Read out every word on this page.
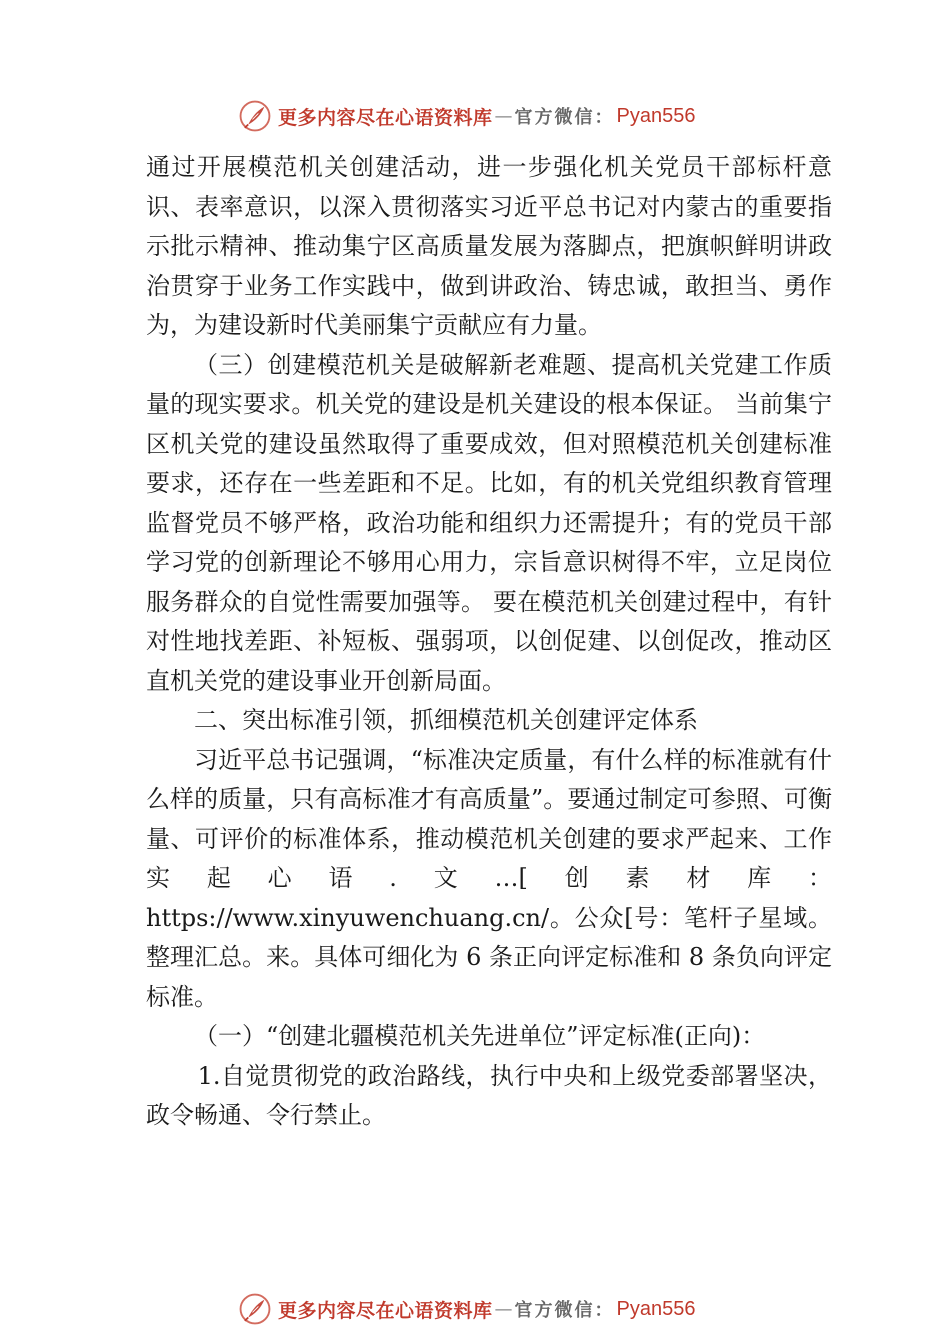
更多内容尽在心语资料库 — 官方微信： Pyan556

通过开展模范机关创建活动，进一步强化机关党员干部标杆意识、表率意识，以深入贯彻落实习近平总书记对内蒙古的重要指示批示精神、推动集宁区高质量发展为落脚点，把旗帜鲜明讲政治贯穿于业务工作实践中，做到讲政治、铸忠诚，敢担当、勇作为，为建设新时代美丽集宁贡献应有力量。

（三）创建模范机关是破解新老难题、提高机关党建工作质量的现实要求。机关党的建设是机关建设的根本保证。 当前集宁区机关党的建设虽然取得了重要成效，但对照模范机关创建标准要求，还存在一些差距和不足。比如，有的机关党组织教育管理监督党员不够严格，政治功能和组织力还需提升；有的党员干部学习党的创新理论不够用心用力，宗旨意识树得不牢，立足岗位服务群众的自觉性需要加强等。 要在模范机关创建过程中，有针对性地找差距、补短板、强弱项，以创促建、以创促改，推动区直机关党的建设事业开创新局面。

二、突出标准引领，抓细模范机关创建评定体系

习近平总书记强调，“标准决定质量，有什么样的标准就有什么样的质量，只有高标准才有高质量”。要通过制定可参照、可衡量、可评价的标准体系，推动模范机关创建的要求严起来、工作实起心语.文…[创素材库：https://www.xinyuwenchuang.cn/。公众[号：笔杆子星域。整理汇总。来。具体可细化为 6 条正向评定标准和 8 条负向评定标准。

（一）“创建北疆模范机关先进单位”评定标准(正向)：

1.自觉贯彻党的政治路线，执行中央和上级党委部署坚决，政令畅通、令行禁止。

更多内容尽在心语资料库 — 官方微信： Pyan556
